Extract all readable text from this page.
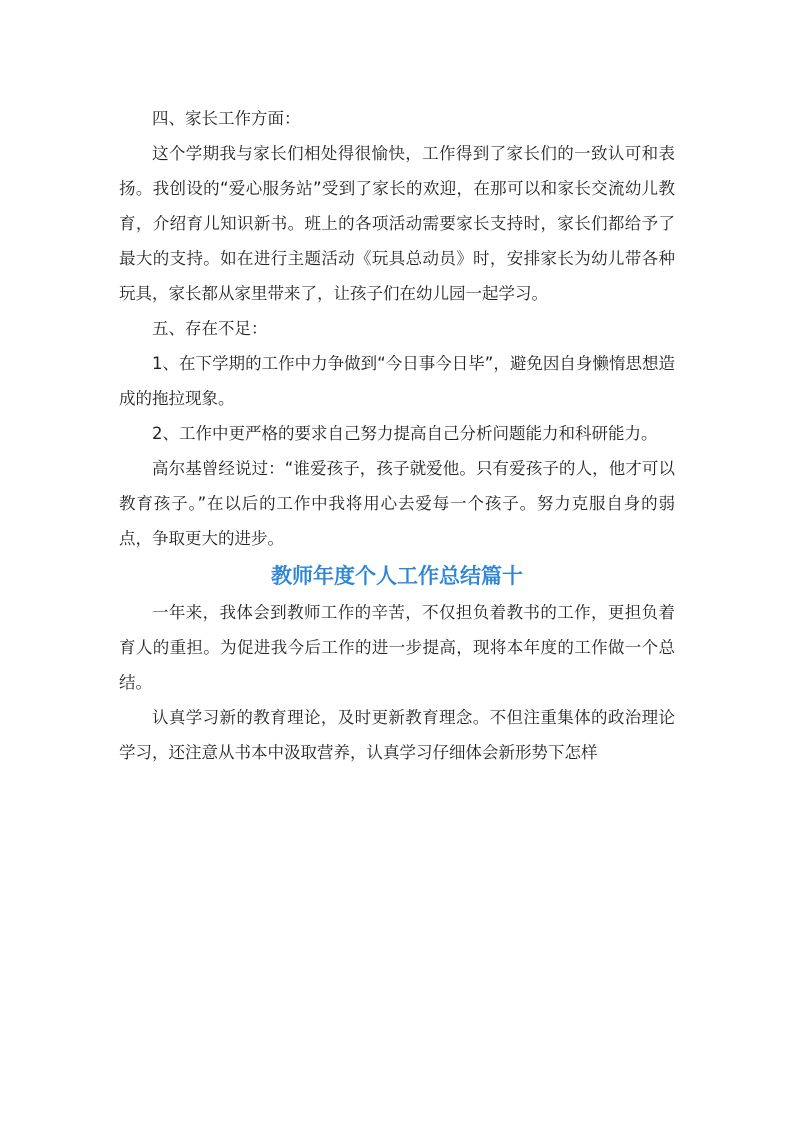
四、家长工作方面：

这个学期我与家长们相处得很愉快，工作得到了家长们的一致认可和表扬。我创设的“爱心服务站”受到了家长的欢迎，在那可以和家长交流幼儿教育，介绍育儿知识新书。班上的各项活动需要家长支持时，家长们都给予了最大的支持。如在进行主题活动《玩具总动员》时，安排家长为幼儿带各种玩具，家长都从家里带来了，让孩子们在幼儿园一起学习。

五、存在不足：

1、在下学期的工作中力争做到“今日事今日毕”，避免因自身懒惰思想造成的拖拉现象。

2、工作中更严格的要求自己努力提高自己分析问题能力和科研能力。

高尔基曾经说过：“谁爱孩子，孩子就爱他。只有爱孩子的人，他才可以教育孩子。”在以后的工作中我将用心去爱每一个孩子。努力克服自身的弱点，争取更大的进步。

教师年度个人工作总结篇十

一年来，我体会到教师工作的辛苦，不仅担负着教书的工作，更担负着育人的重担。为促进我今后工作的进一步提高，现将本年度的工作做一个总结。

认真学习新的教育理论，及时更新教育理念。不但注重集体的政治理论学习，还注意从书本中汲取营养，认真学习仔细体会新形势下怎样
